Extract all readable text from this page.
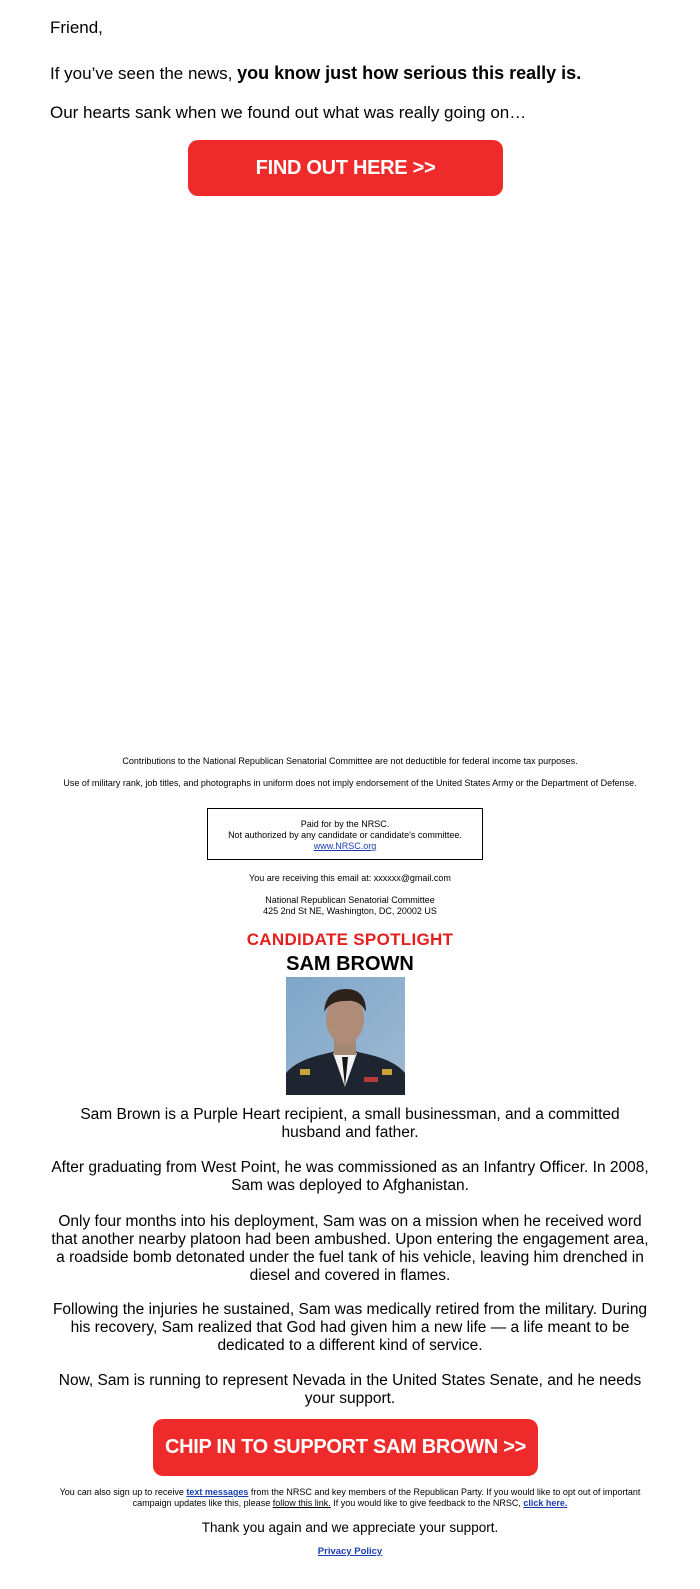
Friend,
If you’ve seen the news, you know just how serious this really is.
Our hearts sank when we found out what was really going on…
FIND OUT HERE >>
Contributions to the National Republican Senatorial Committee are not deductible for federal income tax purposes.
Use of military rank, job titles, and photographs in uniform does not imply endorsement of the United States Army or the Department of Defense.
Paid for by the NRSC.
Not authorized by any candidate or candidate's committee.
www.NRSC.org
You are receiving this email at: xxxxxx@gmail.com
National Republican Senatorial Committee
425 2nd St NE, Washington, DC, 20002 US
CANDIDATE SPOTLIGHT
SAM BROWN
Sam Brown is a Purple Heart recipient, a small businessman, and a committed husband and father.
After graduating from West Point, he was commissioned as an Infantry Officer. In 2008, Sam was deployed to Afghanistan.
Only four months into his deployment, Sam was on a mission when he received word that another nearby platoon had been ambushed. Upon entering the engagement area, a roadside bomb detonated under the fuel tank of his vehicle, leaving him drenched in diesel and covered in flames.
Following the injuries he sustained, Sam was medically retired from the military. During his recovery, Sam realized that God had given him a new life — a life meant to be dedicated to a different kind of service.
Now, Sam is running to represent Nevada in the United States Senate, and he needs your support.
CHIP IN TO SUPPORT SAM BROWN >>
You can also sign up to receive text messages from the NRSC and key members of the Republican Party. If you would like to opt out of important campaign updates like this, please follow this link. If you would like to give feedback to the NRSC, click here.
Thank you again and we appreciate your support.
Privacy Policy
